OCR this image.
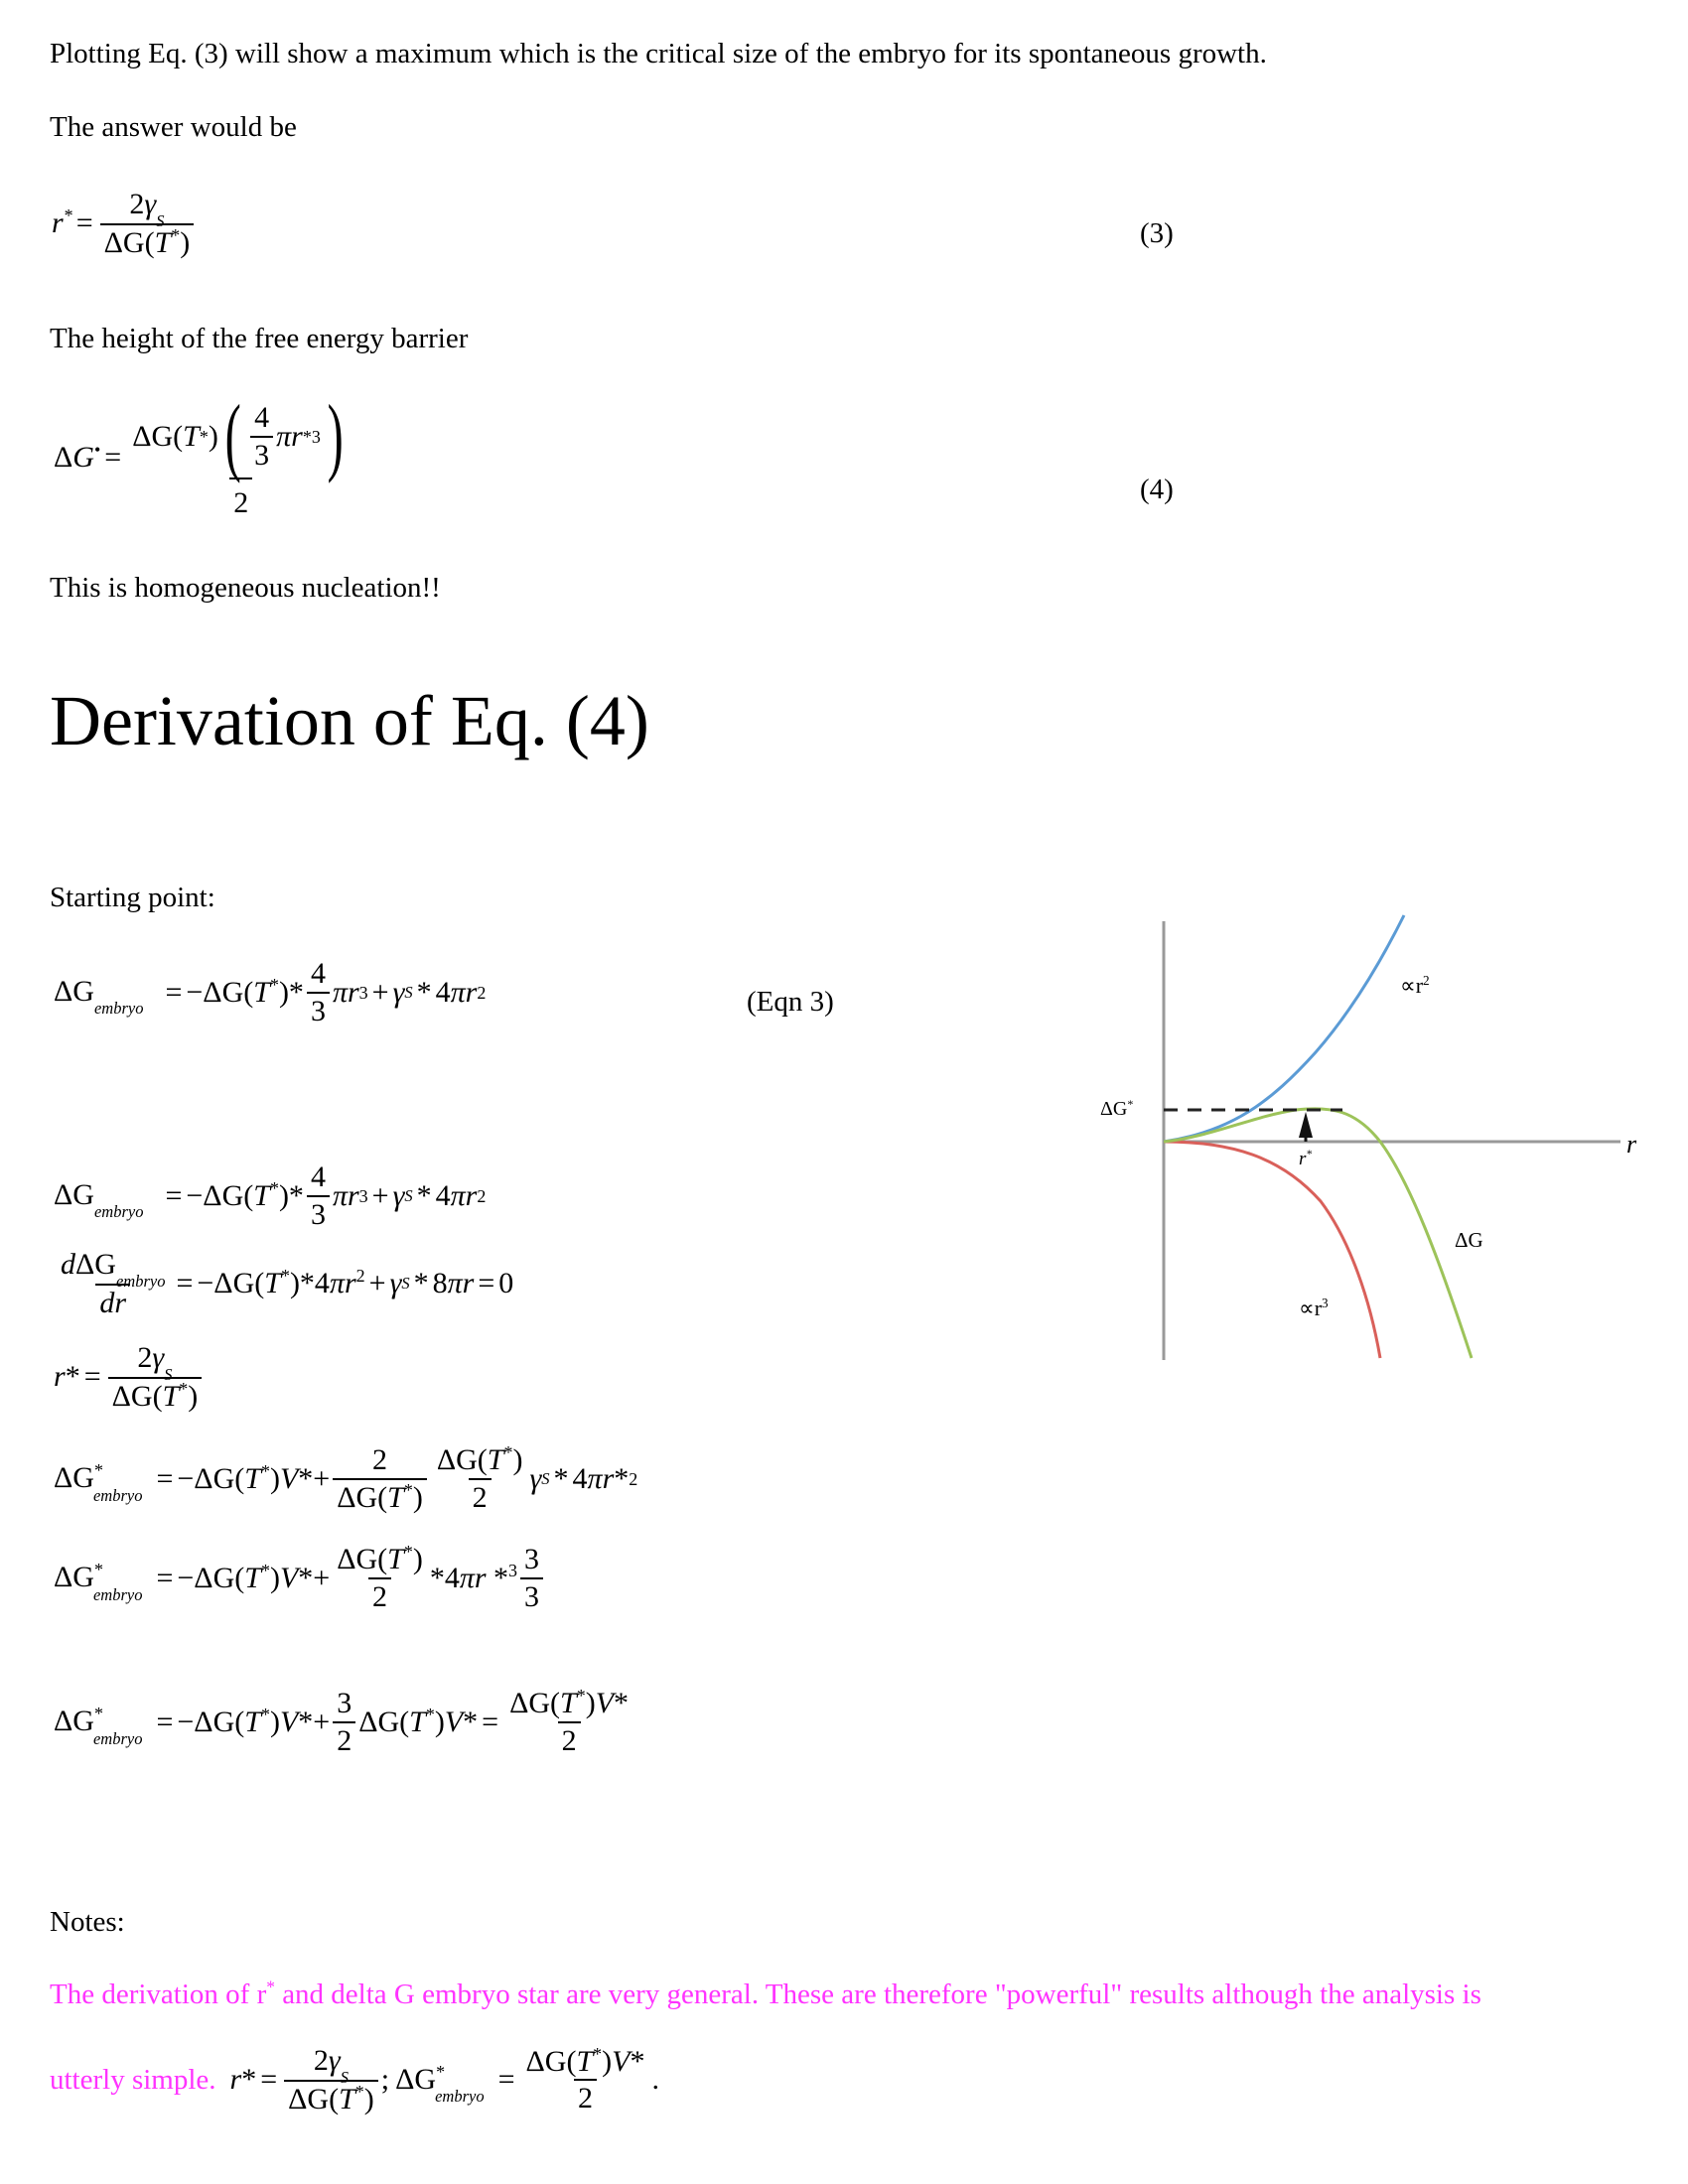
Plotting Eq. (3) will show a maximum which is the critical size of the embryo for its spontaneous growth.
The answer would be
$r^* = \frac{2\gamma_S}{\Delta G(T^*)}$	(3)
The height of the free energy barrier
$\Delta G^• = \frac{\Delta G( T * ) ( \frac{4}{3} \pi r *3 )}{2}$	(4)
This is homogeneous nucleation!!
Derivation of Eq. (4)
Starting point:
$\Delta G_{embryo}$
= $-\Delta G(T^*)* \frac{4}{3}$ πr 3 + γ S * 4 πr 2	(Eqn 3)
$\Delta G_{embryo}$
= $-\Delta G(T^*)* \frac{4}{3}$ πr 3 + γ S * 4 πr 2
$\frac{d\Delta G_{embryo}}{dr} = -\Delta G(T^*)*4\pi r^2 + \gamma$ S * 8 πr = 0
r * = $\frac{2\gamma_S}{\Delta G(T^*)}$
$\Delta G^*_{embryo}$
= $-\Delta G(T^*)V*+ \frac{2}{\Delta G(T^*)} \frac{\Delta G(T^*)}{2}$ γ S * 4 πr * 2
$\Delta G^*_{embryo}$
= $-\Delta G(T^*)V*+ \frac{\Delta G(T^*)}{2} *4\pi r$ $*^3 \frac{3}{3}$
$\Delta G^*_{embryo}$
= $-\Delta G(T^*)V*+ \frac{3}{2} \Delta G(T^*)V* = \frac{\Delta G(T^*)V*}{2}$
ΔG*
r*	r
$\propto r^2$
$\propto r^3$
ΔG
Notes:
The derivation of r* and delta G embryo star are very general. These are therefore "powerful" results although the analysis is
utterly simple. r * = $\frac{2\gamma_S}{\Delta G(T^*)}$ ; $\Delta G^*_{embryo}$
= $\frac{\Delta G(T^*)V*}{2}$ .
